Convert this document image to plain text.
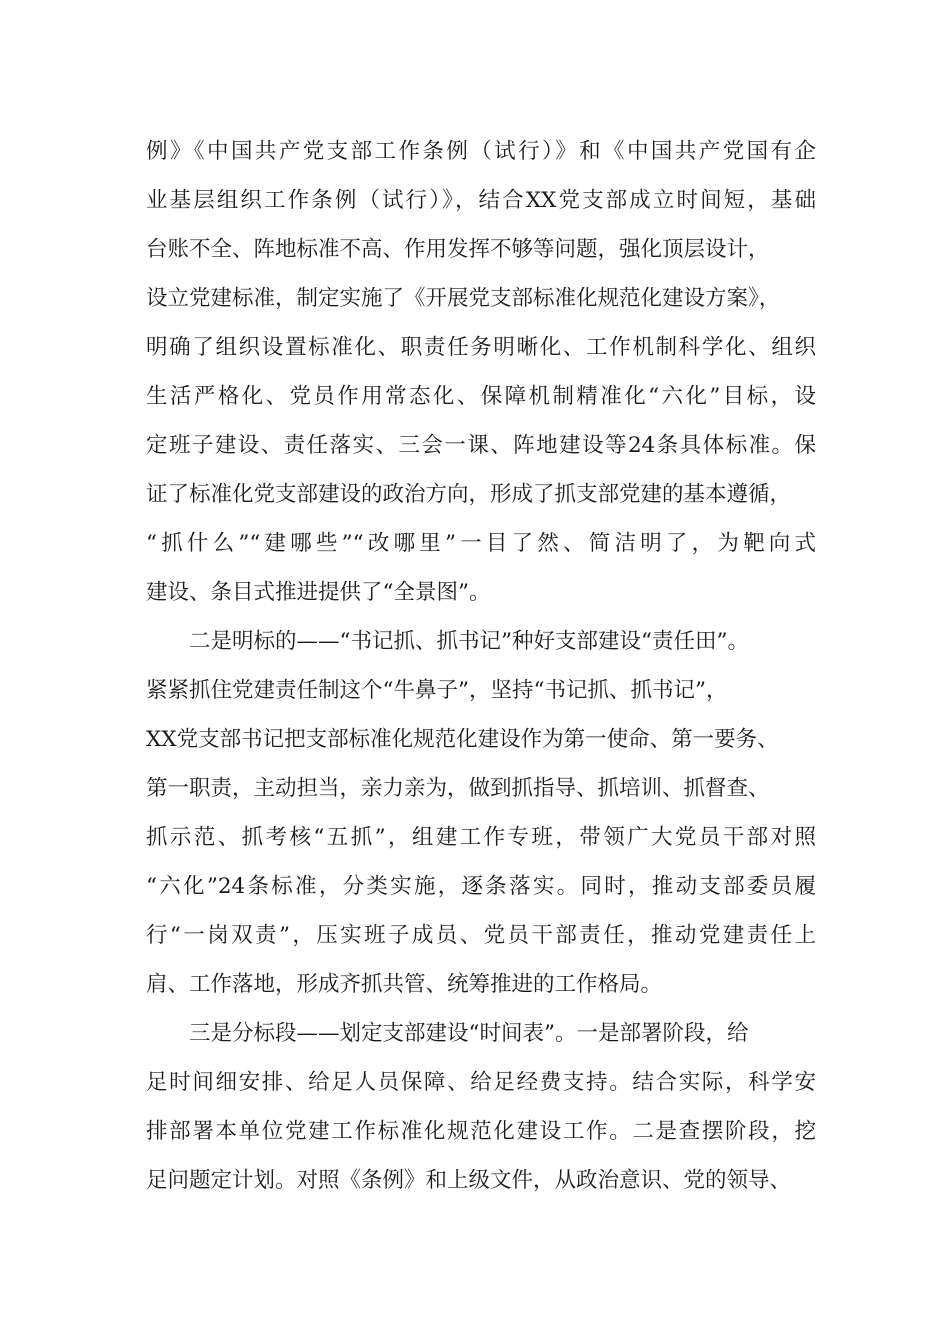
例》《中国共产党支部工作条例（试行）》和《中国共产党国有企
业基层组织工作条例（试行）》，结合XX党支部成立时间短，基础
台账不全、阵地标准不高、作用发挥不够等问题，强化顶层设计，
设立党建标准，制定实施了《开展党支部标准化规范化建设方案》，
明确了组织设置标准化、职责任务明晰化、工作机制科学化、组织
生活严格化、党员作用常态化、保障机制精准化“六化”目标，设
定班子建设、责任落实、三会一课、阵地建设等24条具体标准。保
证了标准化党支部建设的政治方向，形成了抓支部党建的基本遵循，
“抓什么”“建哪些”“改哪里”一目了然、简洁明了，为靶向式
建设、条目式推进提供了“全景图”。
二是明标的——“书记抓、抓书记”种好支部建设“责任田”。
紧紧抓住党建责任制这个“牛鼻子”，坚持“书记抓、抓书记”，
XX党支部书记把支部标准化规范化建设作为第一使命、第一要务、
第一职责，主动担当，亲力亲为，做到抓指导、抓培训、抓督查、
抓示范、抓考核“五抓”，组建工作专班，带领广大党员干部对照
“六化”24条标准，分类实施，逐条落实。同时，推动支部委员履
行“一岗双责”，压实班子成员、党员干部责任，推动党建责任上
肩、工作落地，形成齐抓共管、统筹推进的工作格局。
三是分标段——划定支部建设“时间表”。一是部署阶段，给
足时间细安排、给足人员保障、给足经费支持。结合实际，科学安
排部署本单位党建工作标准化规范化建设工作。二是查摆阶段，挖
足问题定计划。对照《条例》和上级文件，从政治意识、党的领导、
